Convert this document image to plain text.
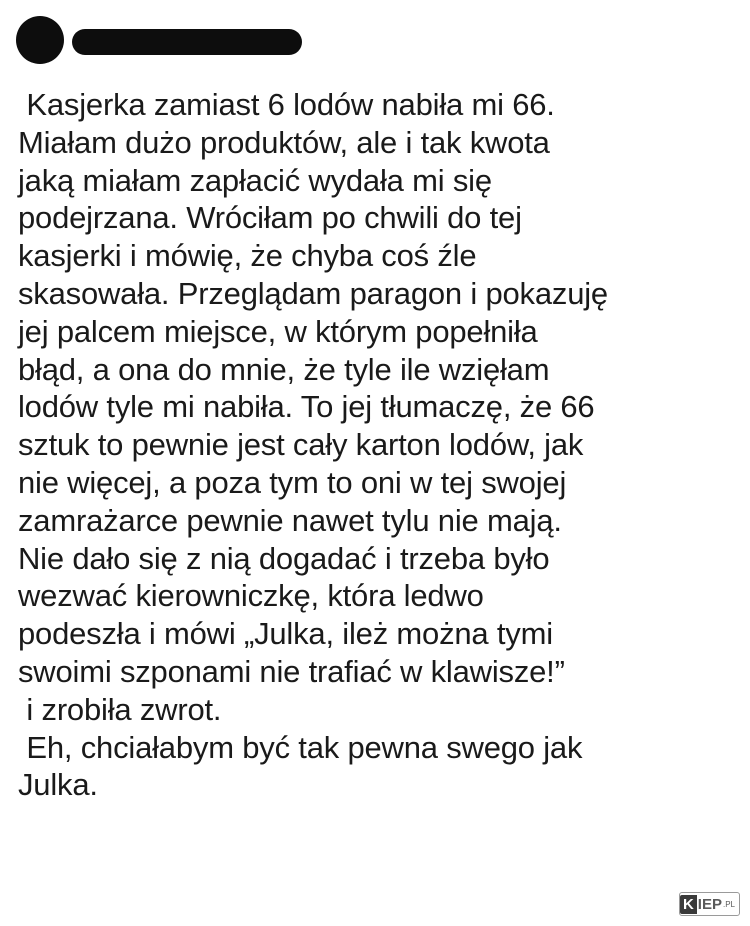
Kasjerka zamiast 6 lodów nabiła mi 66.
Miałam dużo produktów, ale i tak kwota
jaką miałam zapłacić wydała mi się
podejrzana. Wróciłam po chwili do tej
kasjerki i mówię, że chyba coś źle
skasowała. Przeglądam paragon i pokazuję
jej palcem miejsce, w którym popełniła
błąd, a ona do mnie, że tyle ile wzięłam
lodów tyle mi nabiła. To jej tłumaczę, że 66
sztuk to pewnie jest cały karton lodów, jak
nie więcej, a poza tym to oni w tej swojej
zamrażarce pewnie nawet tylu nie mają.
Nie dało się z nią dogadać i trzeba było
wezwać kierowniczkę, która ledwo
podeszła i mówi „Julka, ileż można tymi
swoimi szponami nie trafiać w klawisze!”
i zrobiła zwrot.
Eh, chciałabym być tak pewna swego jak
Julka.
K IEP .PL
